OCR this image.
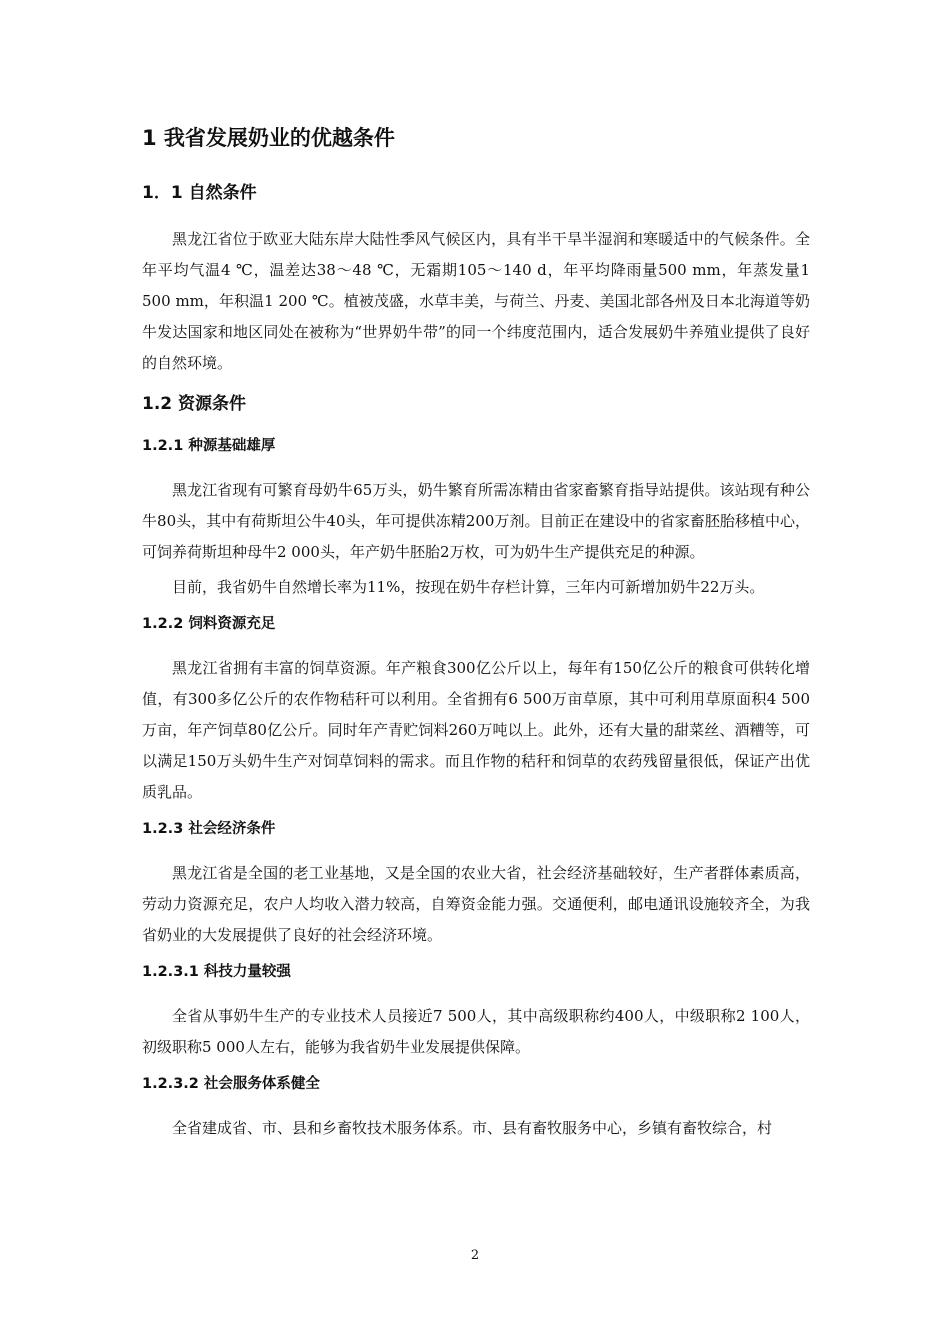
1 我省发展奶业的优越条件
1．1 自然条件

黑龙江省位于欧亚大陆东岸大陆性季风气候区内，具有半干旱半湿润和寒暖适中的气候条件。全年平均气温4 ℃，温差达38～48 ℃，无霜期105～140 d，年平均降雨量500 mm，年蒸发量1 500 mm，年积温1 200 ℃。植被茂盛，水草丰美，与荷兰、丹麦、美国北部各州及日本北海道等奶牛发达国家和地区同处在被称为“世界奶牛带”的同一个纬度范围内，适合发展奶牛养殖业提供了良好的自然环境。

1.2 资源条件
1.2.1 种源基础雄厚

黑龙江省现有可繁育母奶牛65万头，奶牛繁育所需冻精由省家畜繁育指导站提供。该站现有种公牛80头，其中有荷斯坦公牛40头，年可提供冻精200万剂。目前正在建设中的省家畜胚胎移植中心，可饲养荷斯坦种母牛2 000头，年产奶牛胚胎2万枚，可为奶牛生产提供充足的种源。

目前，我省奶牛自然增长率为11%，按现在奶牛存栏计算，三年内可新增加奶牛22万头。

1.2.2 饲料资源充足

黑龙江省拥有丰富的饲草资源。年产粮食300亿公斤以上，每年有150亿公斤的粮食可供转化增值，有300多亿公斤的农作物秸秆可以利用。全省拥有6 500万亩草原，其中可利用草原面积4 500万亩，年产饲草80亿公斤。同时年产青贮饲料260万吨以上。此外，还有大量的甜菜丝、酒糟等，可以满足150万头奶牛生产对饲草饲料的需求。而且作物的秸秆和饲草的农药残留量很低，保证产出优质乳品。

1.2.3 社会经济条件

黑龙江省是全国的老工业基地，又是全国的农业大省，社会经济基础较好，生产者群体素质高，劳动力资源充足，农户人均收入潜力较高，自筹资金能力强。交通便利，邮电通讯设施较齐全，为我省奶业的大发展提供了良好的社会经济环境。

1.2.3.1 科技力量较强

全省从事奶牛生产的专业技术人员接近7 500人，其中高级职称约400人，中级职称2 100人，初级职称5 000人左右，能够为我省奶牛业发展提供保障。

1.2.3.2 社会服务体系健全

全省建成省、市、县和乡畜牧技术服务体系。市、县有畜牧服务中心，乡镇有畜牧综合，村

2
